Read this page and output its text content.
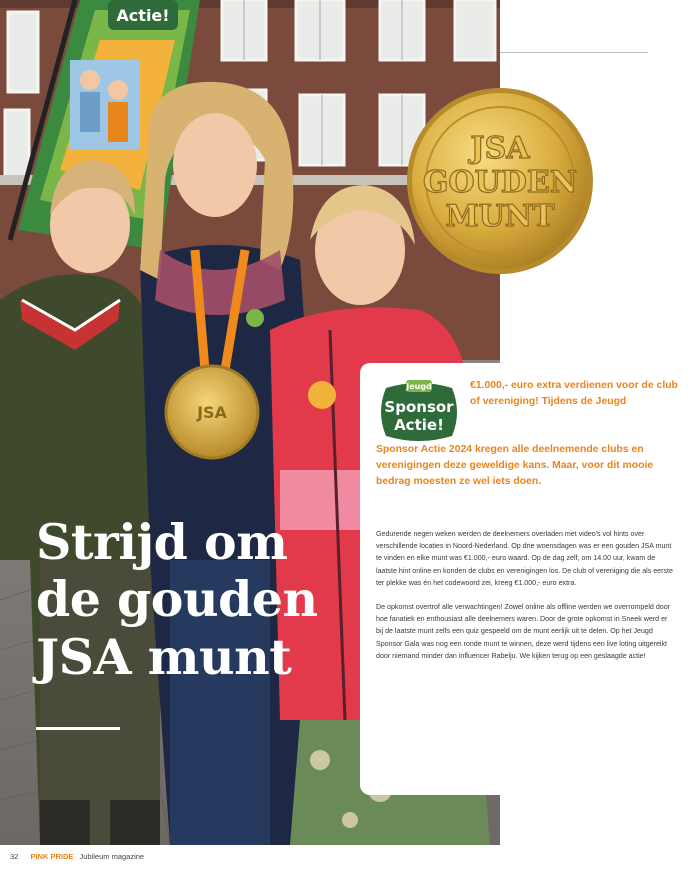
Actie!
JSA
JSA
GOUDEN
MUNT
Strijd om
de gouden
JSA munt
Jeugd
Sponsor
Actie!
€1.000,- euro extra verdienen voor de club of vereniging! Tijdens de Jeugd
Sponsor Actie 2024 kregen alle deelnemende clubs en verenigingen deze geweldige kans. Maar, voor dit mooie bedrag moesten ze wel iets doen.

Gedurende negen weken werden de deelnemers overladen met video's vol hints over verschillende locaties in Noord-Nederland. Op drie woensdagen was er een gouden JSA munt te vinden en elke munt was €1.000,- euro waard. Op de dag zelf, om 14.00 uur, kwam de laatste hint online en konden de clubs en verenigingen los. De club of vereniging die als eerste ter plekke was én het codewoord zei, kreeg €1.000,- euro extra.

De opkomst overtrof alle verwachtingen! Zowel online als offline werden we overrompeld door hoe fanatiek en enthousiast alle deelnemers waren. Door de grote opkomst in Sneek werd er bij de laatste munt zelfs een quiz gespeeld om de munt eerlijk uit te delen. Op het Jeugd Sponsor Gala was nog een ronde munt te winnen, deze werd tijdens een live loting uitgereikt door niemand minder dan influencer Rabelju. We kijken terug op een geslaagde actie!

32 PINK PRIDE Jubileum magazine
